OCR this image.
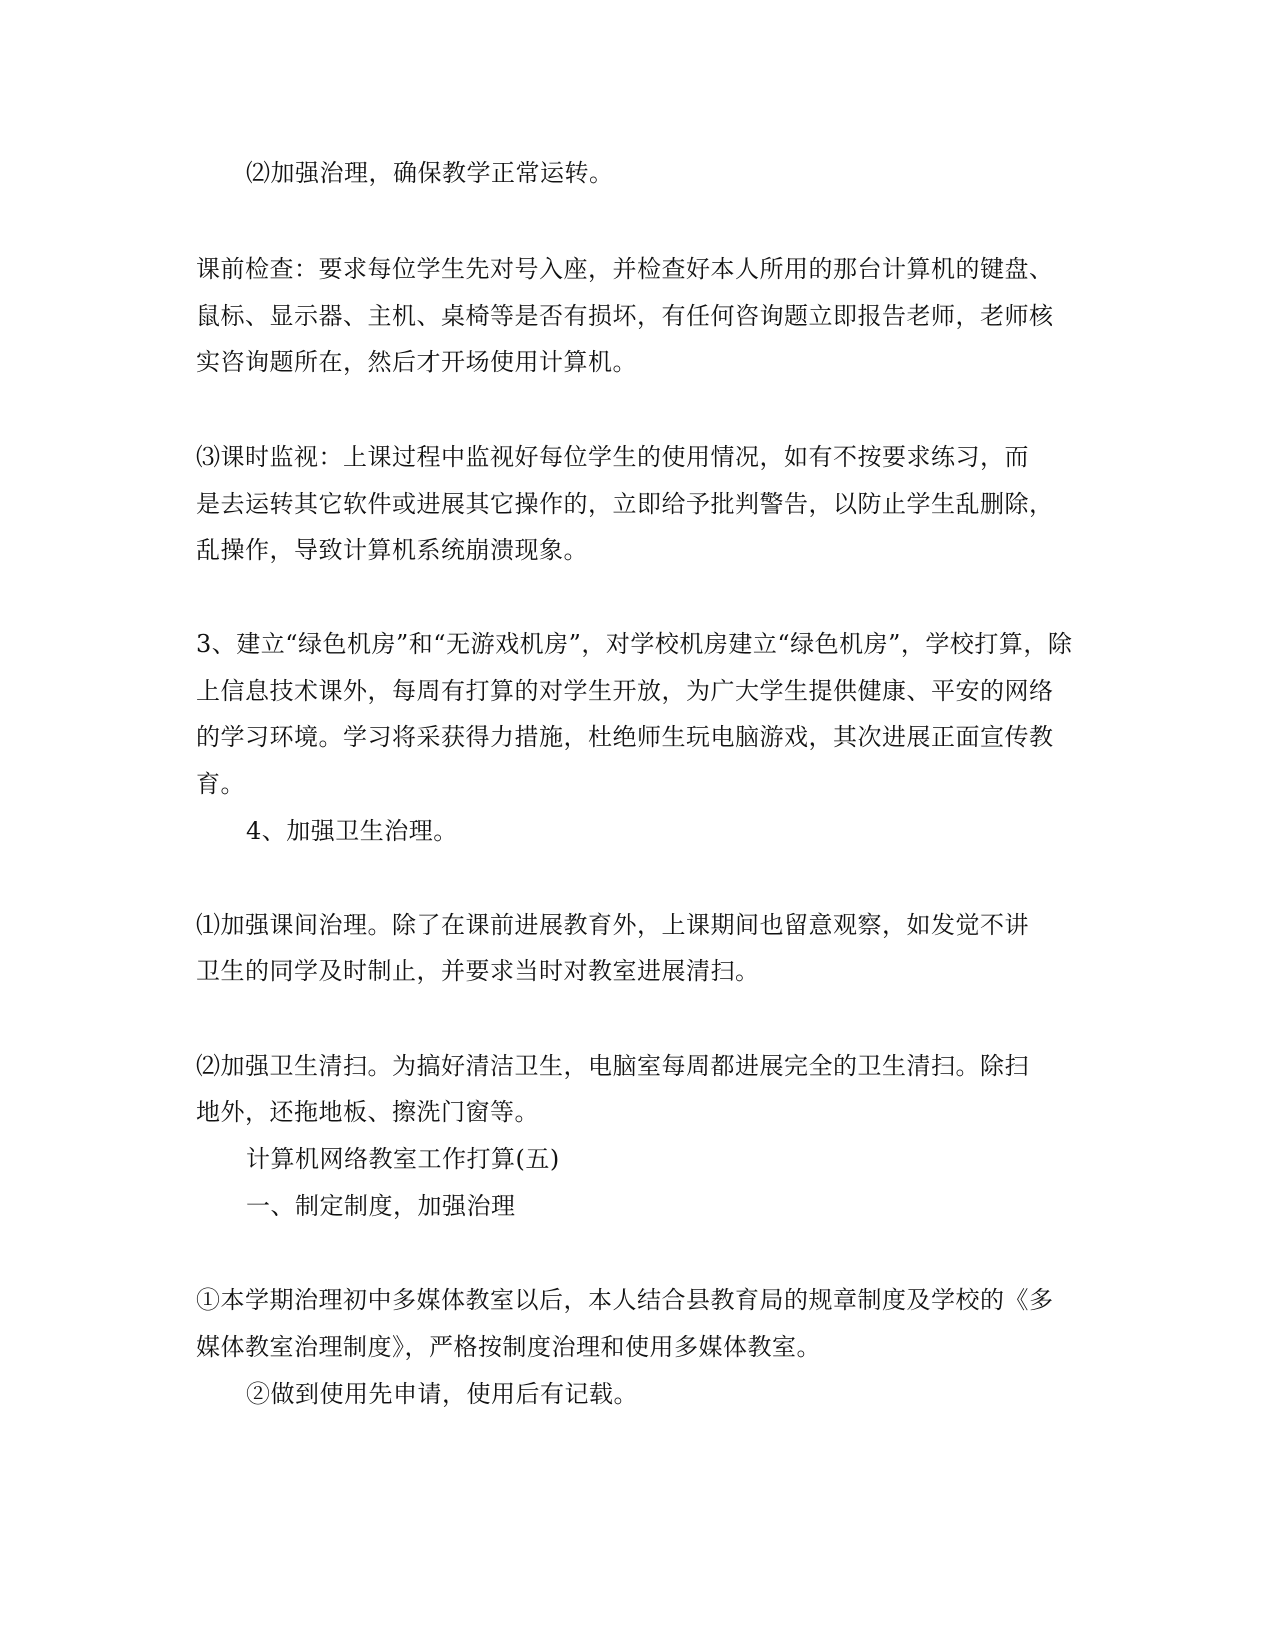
⑵加强治理，确保教学正常运转。

课前检查：要求每位学生先对号入座，并检查好本人所用的那台计算机的键盘、

鼠标、显示器、主机、桌椅等是否有损坏，有任何咨询题立即报告老师，老师核

实咨询题所在，然后才开场使用计算机。

⑶课时监视：上课过程中监视好每位学生的使用情况，如有不按要求练习，而

是去运转其它软件或进展其它操作的，立即给予批判警告，以防止学生乱删除，

乱操作，导致计算机系统崩溃现象。

3、建立“绿色机房”和“无游戏机房”，对学校机房建立“绿色机房”，学校打算，除

上信息技术课外，每周有打算的对学生开放，为广大学生提供健康、平安的网络

的学习环境。学习将采获得力措施，杜绝师生玩电脑游戏，其次进展正面宣传教

育。

4、加强卫生治理。

⑴加强课间治理。除了在课前进展教育外，上课期间也留意观察，如发觉不讲

卫生的同学及时制止，并要求当时对教室进展清扫。

⑵加强卫生清扫。为搞好清洁卫生，电脑室每周都进展完全的卫生清扫。除扫

地外，还拖地板、擦洗门窗等。

计算机网络教室工作打算(五)

一、制定制度，加强治理

①本学期治理初中多媒体教室以后，本人结合县教育局的规章制度及学校的《多

媒体教室治理制度》，严格按制度治理和使用多媒体教室。

②做到使用先申请，使用后有记载。
